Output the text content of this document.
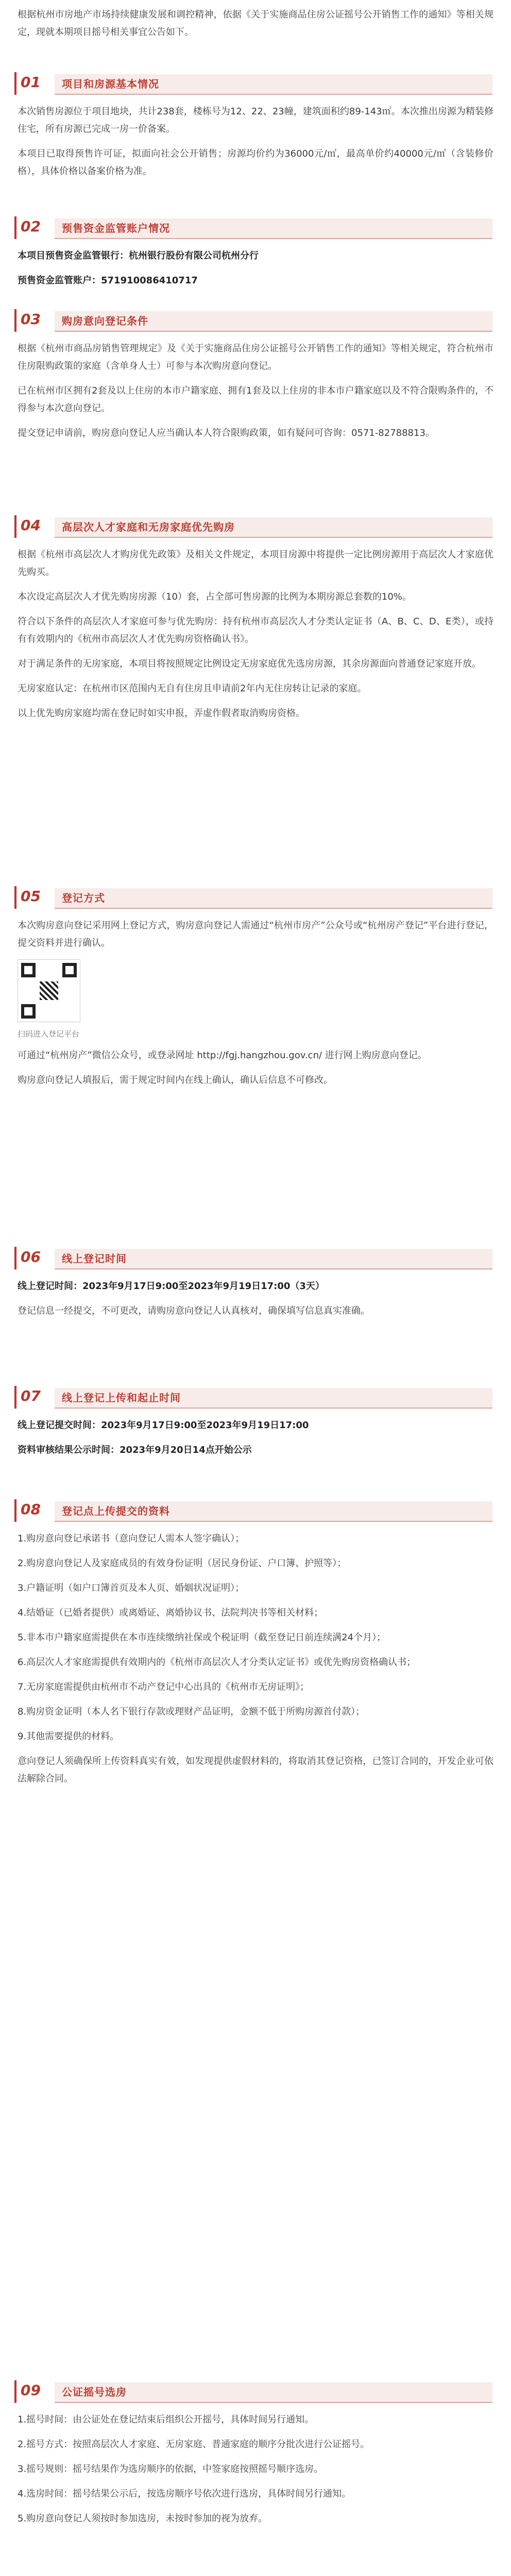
根据杭州市房地产市场持续健康发展和调控精神，依据《关于实施商品住房公证摇号公开销售工作的通知》等相关规定，现就本期项目摇号相关事宜公告如下。

01	项目和房源基本情况

本次销售房源位于项目地块，共计238套，楼栋号为12、22、23幢，建筑面积约89-143㎡。本次推出房源为精装修住宅，所有房源已完成一房一价备案。

本项目已取得预售许可证，拟面向社会公开销售；房源均价约为36000元/㎡，最高单价约40000元/㎡（含装修价格），具体价格以备案价格为准。

02	预售资金监管账户情况

本项目预售资金监管银行：杭州银行股份有限公司杭州分行

预售资金监管账户：571910086410717

03	购房意向登记条件

根据《杭州市商品房销售管理规定》及《关于实施商品住房公证摇号公开销售工作的通知》等相关规定，符合杭州市住房限购政策的家庭（含单身人士）可参与本次购房意向登记。

已在杭州市区拥有2套及以上住房的本市户籍家庭、拥有1套及以上住房的非本市户籍家庭以及不符合限购条件的，不得参与本次意向登记。

提交登记申请前，购房意向登记人应当确认本人符合限购政策，如有疑问可咨询：0571-82788813。

04	高层次人才家庭和无房家庭优先购房

根据《杭州市高层次人才购房优先政策》及相关文件规定，本项目房源中将提供一定比例房源用于高层次人才家庭优先购买。

本次设定高层次人才优先购房房源（10）套，占全部可售房源的比例为本期房源总套数的10%。

符合以下条件的高层次人才家庭可参与优先购房：持有杭州市高层次人才分类认定证书（A、B、C、D、E类），或持有有效期内的《杭州市高层次人才优先购房资格确认书》。

对于满足条件的无房家庭，本项目将按照规定比例设定无房家庭优先选房房源，其余房源面向普通登记家庭开放。

无房家庭认定：在杭州市区范围内无自有住房且申请前2年内无住房转让记录的家庭。

以上优先购房家庭均需在登记时如实申报，弄虚作假者取消购房资格。

05	登记方式

本次购房意向登记采用网上登记方式，购房意向登记人需通过“杭州市房产”公众号或“杭州房产登记”平台进行登记，提交资料并进行确认。

扫码进入登记平台

可通过“杭州房产”微信公众号，或登录网址 http://fgj.hangzhou.gov.cn/ 进行网上购房意向登记。

购房意向登记人填报后，需于规定时间内在线上确认，确认后信息不可修改。

06	线上登记时间

线上登记时间：2023年9月17日9:00至2023年9月19日17:00（3天）

登记信息一经提交，不可更改，请购房意向登记人认真核对，确保填写信息真实准确。

07	线上登记上传和起止时间

线上登记提交时间：2023年9月17日9:00至2023年9月19日17:00

资料审核结果公示时间：2023年9月20日14点开始公示

08	登记点上传提交的资料

1.购房意向登记承诺书（意向登记人需本人签字确认）；

2.购房意向登记人及家庭成员的有效身份证明（居民身份证、户口簿、护照等）；

3.户籍证明（如户口簿首页及本人页、婚姻状况证明）；

4.结婚证（已婚者提供）或离婚证、离婚协议书、法院判决书等相关材料；

5.非本市户籍家庭需提供在本市连续缴纳社保或个税证明（截至登记日前连续满24个月）；

6.高层次人才家庭需提供有效期内的《杭州市高层次人才分类认定证书》或优先购房资格确认书；

7.无房家庭需提供由杭州市不动产登记中心出具的《杭州市无房证明》；

8.购房资金证明（本人名下银行存款或理财产品证明，金额不低于所购房源首付款）；

9.其他需要提供的材料。

意向登记人须确保所上传资料真实有效，如发现提供虚假材料的，将取消其登记资格，已签订合同的，开发企业可依法解除合同。

09	公证摇号选房

1.摇号时间：由公证处在登记结束后组织公开摇号，具体时间另行通知。

2.摇号方式：按照高层次人才家庭、无房家庭、普通家庭的顺序分批次进行公证摇号。

3.摇号规则：摇号结果作为选房顺序的依据，中签家庭按照摇号顺序选房。

4.选房时间：摇号结果公示后，按选房顺序号依次进行选房，具体时间另行通知。

5.购房意向登记人须按时参加选房，未按时参加的视为放弃。
